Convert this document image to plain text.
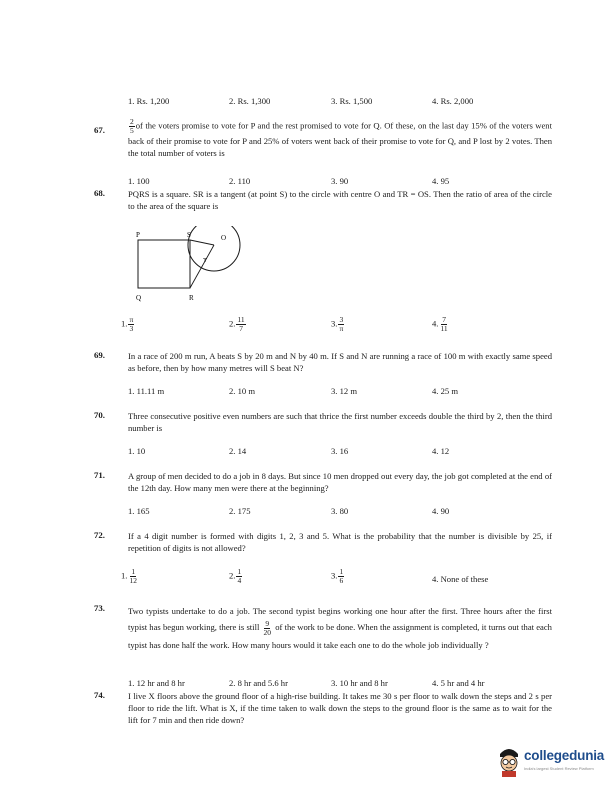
1. Rs. 1,200	2. Rs. 1,300	3. Rs. 1,500	4. Rs. 2,000
67.	$\frac{2}{5}$ of the voters promise to vote for P and the rest promised to vote for Q. Of these, on the last day 15% of the voters went back of their promise to vote for P and 25% of voters went back of their promise to vote for Q, and P lost by 2 votes. Then the total number of voters is
1. 100	2. 110	3. 90	4. 95
68.	PQRS is a square. SR is a tangent (at point S) to the circle with centre O and TR = OS. Then the ratio of area of the circle to the area of the square is
P	S	O
T
Q	R
1. $\frac{\pi}{3}$	2. $\frac{11}{7}$	3. $\frac{3}{\pi}$	4. $\frac{7}{11}$
69.	In a race of 200 m run, A beats S by 20 m and N by 40 m. If S and N are running a race of 100 m with exactly same speed as before, then by how many metres will S beat N?
1. 11.11 m	2. 10 m	3. 12 m	4. 25 m
70.	Three consecutive positive even numbers are such that thrice the first number exceeds double the third by 2, then the third number is
1. 10	2. 14	3. 16	4. 12
71.	A group of men decided to do a job in 8 days. But since 10 men dropped out every day, the job got completed at the end of the 12th day. How many men were there at the beginning?
1. 165	2. 175	3. 80	4. 90
72.	If a 4 digit number is formed with digits 1, 2, 3 and 5. What is the probability that the number is divisible by 25, if repetition of digits is not allowed?
1. $\frac{1}{12}$	2. $\frac{1}{4}$	3. $\frac{1}{6}$	4. None of these
73.	Two typists undertake to do a job. The second typist begins working one hour after the first. Three hours after the first typist has begun working, there is still $\frac{9}{20}$ of the work to be done. When the assignment is completed, it turns out that each typist has done half the work. How many hours would it take each one to do the whole job individually ?
1. 12 hr and 8 hr	2. 8 hr and 5.6 hr	3. 10 hr and 8 hr	4. 5 hr and 4 hr
74.	I live X floors above the ground floor of a high-rise building. It takes me 30 s per floor to walk down the steps and 2 s per floor to ride the lift. What is X, if the time taken to walk down the steps to the ground floor is the same as to wait for the lift for 7 min and then ride down?
collegedunia
India's largest Student Review Platform
